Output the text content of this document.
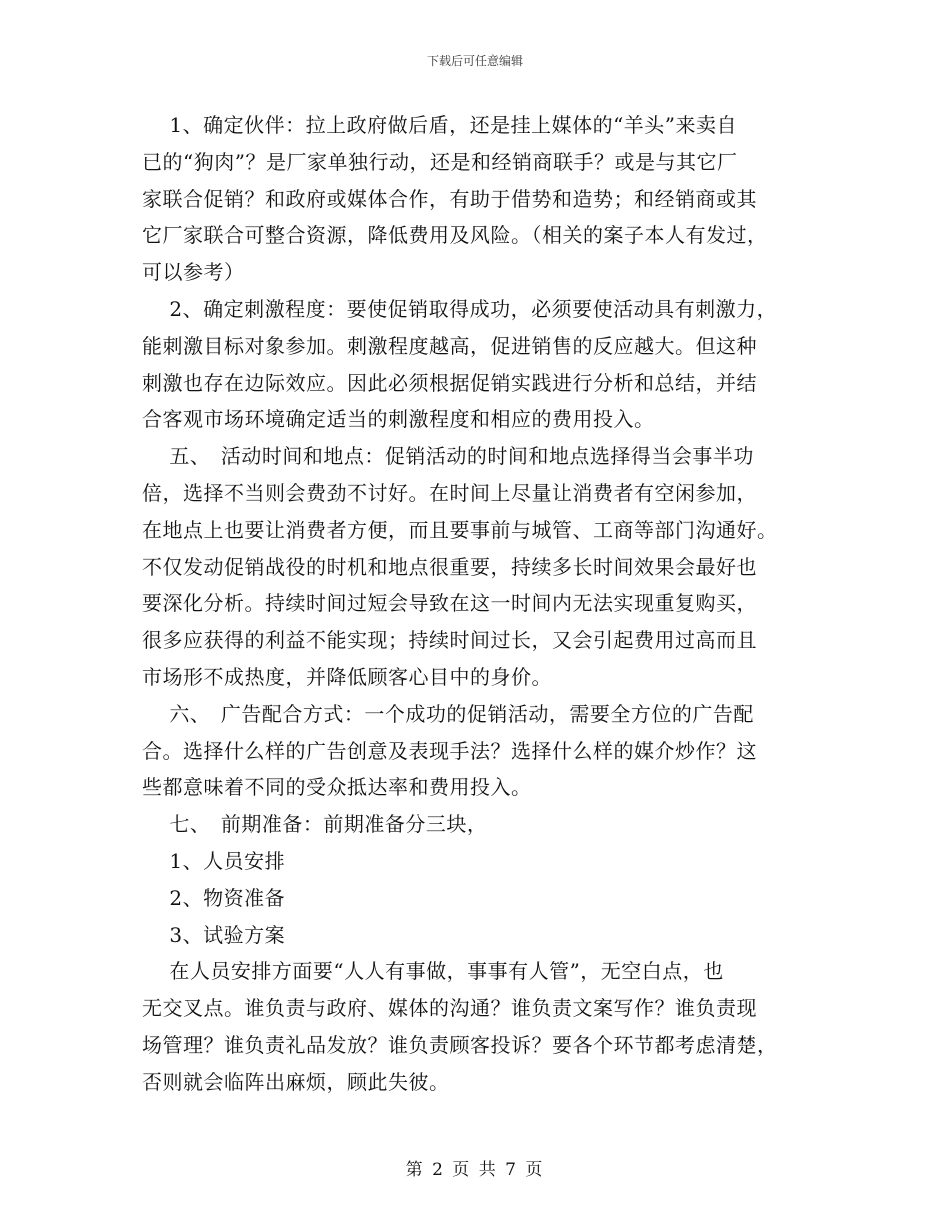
下载后可任意编辑

　 1、确定伙伴：拉上政府做后盾，还是挂上媒体的“羊头”来卖自
已的“狗肉”？是厂家单独行动，还是和经销商联手？或是与其它厂
家联合促销？和政府或媒体合作，有助于借势和造势；和经销商或其
它厂家联合可整合资源，降低费用及风险。（相关的案子本人有发过，
可以参考）

　 2、确定刺激程度：要使促销取得成功，必须要使活动具有刺激力，
能刺激目标对象参加。刺激程度越高，促进销售的反应越大。但这种
刺激也存在边际效应。因此必须根据促销实践进行分析和总结，并结
合客观市场环境确定适当的刺激程度和相应的费用投入。

　 五、　活动时间和地点：促销活动的时间和地点选择得当会事半功
倍，选择不当则会费劲不讨好。在时间上尽量让消费者有空闲参加，
在地点上也要让消费者方便，而且要事前与城管、工商等部门沟通好。
不仅发动促销战役的时机和地点很重要，持续多长时间效果会最好也
要深化分析。持续时间过短会导致在这一时间内无法实现重复购买，
很多应获得的利益不能实现；持续时间过长，又会引起费用过高而且
市场形不成热度，并降低顾客心目中的身价。

　 六、　广告配合方式：一个成功的促销活动，需要全方位的广告配
合。选择什么样的广告创意及表现手法？选择什么样的媒介炒作？这
些都意味着不同的受众抵达率和费用投入。

　 七、　前期准备：前期准备分三块，

　 1、人员安排

　 2、物资准备

　 3、试验方案

　 在人员安排方面要“人人有事做，事事有人管”，无空白点，也
无交叉点。谁负责与政府、媒体的沟通？谁负责文案写作？谁负责现
场管理？谁负责礼品发放？谁负责顾客投诉？要各个环节都考虑清楚，
否则就会临阵出麻烦，顾此失彼。

第 2 页 共 7 页
